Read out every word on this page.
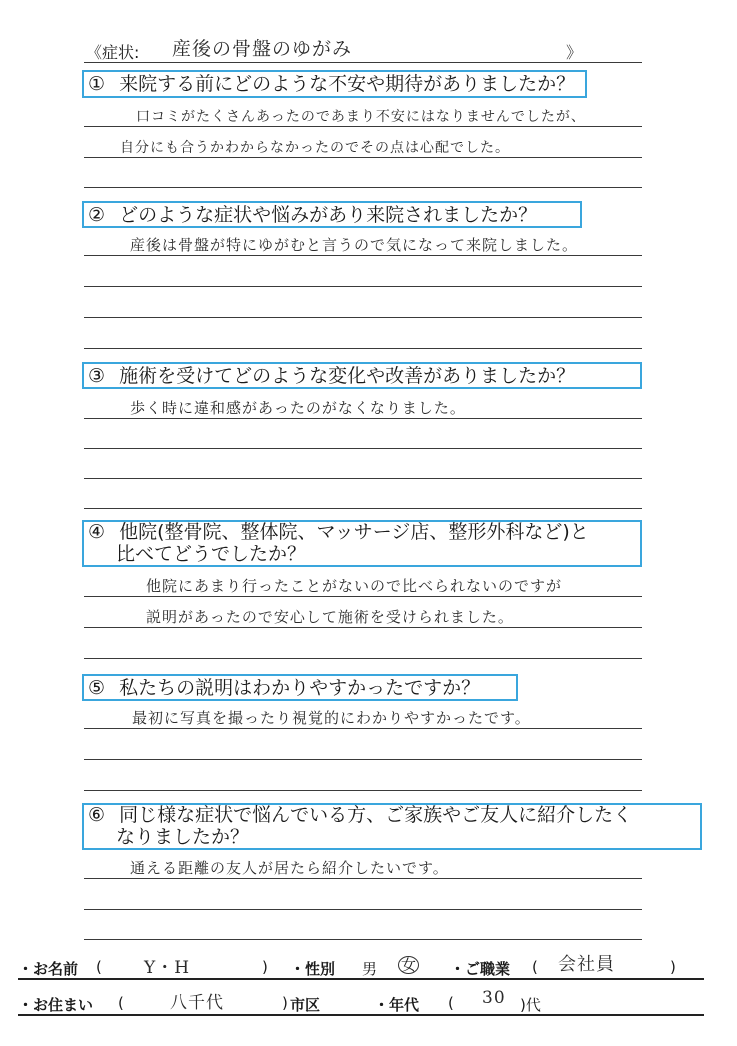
《症状: 産後の骨盤のゆがみ	》
① 来院する前にどのような不安や期待がありましたか？
口コミがたくさんあったのであまり不安にはなりませんでしたが、
自分にも合うかわからなかったのでその点は心配でした。
② どのような症状や悩みがあり来院されましたか？
産後は骨盤が特にゆがむと言うので気になって来院しました。
③ 施術を受けてどのような変化や改善がありましたか？
歩く時に違和感があったのがなくなりました。
④ 他院(整骨院、整体院、マッサージ店、整形外科など)と
比べてどうでしたか？
他院にあまり行ったことがないので比べられないのですが
説明があったので安心して施術を受けられました。
⑤ 私たちの説明はわかりやすかったですか？
最初に写真を撮ったり視覚的にわかりやすかったです。
⑥ 同じ様な症状で悩んでいる方、ご家族やご友人に紹介したく
なりましたか？
通える距離の友人が居たら紹介したいです。
・お名前 ( Y・H	) ・性別 男 女 ・ご職業 ( 会社員	)
・お住まい (	八千代	) 市区	・年代 ( 30 )代
